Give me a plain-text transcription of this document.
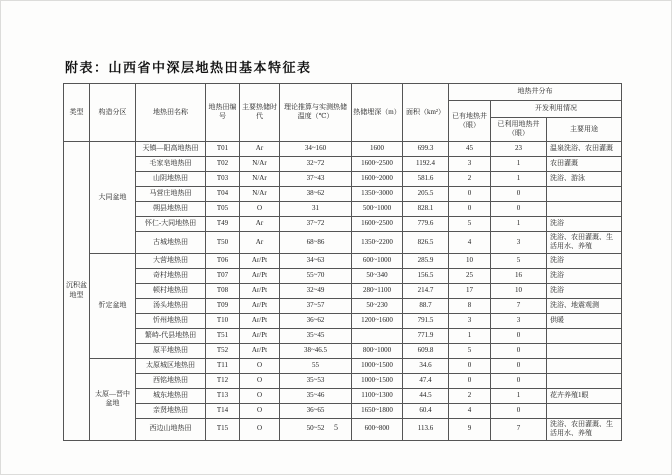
附表：山西省中深层地热田基本特征表
类型	构造分区	地热田名称	地热田编号	主要热储时代	理论推算与实测热储温度（℃）	热储埋深（m）	面积（km²）	地热井分布		
								已有地热井（眼）	开发利用情况	
									已利用地热井（眼）	主要用途
沉积盆地型	大同盆地	天镇—阳高地热田	T01	Ar	34~160	1600	699.3	45	23	温泉洗浴、农田灌溉
		毛家皂地热田	T02	N/Ar	32~72	1600~2500	1192.4	3	1	农田灌溉
		山阴地热田	T03	N/Ar	37~43	1600~2000	581.6	2	1	洗浴、游泳
		马营庄地热田	T04	N/Ar	38~62	1350~3000	205.5	0	0	
		朔县地热田	T05	O	31	500~1000	828.1	0	0	
		怀仁-大同地热田	T49	Ar	37~72	1600~2500	779.6	5	1	洗浴
		古城地热田	T50	Ar	68~86	1350~2200	826.5	4	3	洗浴、农田灌溉、生活用水、养殖
	忻定盆地	大营地热田	T06	Ar/Pt	34~63	600~1000	285.9	10	5	洗浴
		奇村地热田	T07	Ar/Pt	55~70	50~340	156.5	25	16	洗浴
		顿村地热田	T08	Ar/Pt	32~49	280~1100	214.7	17	10	洗浴
		汤头地热田	T09	Ar/Pt	37~57	50~230	88.7	8	7	洗浴、地震观测
		忻州地热田	T10	Ar/Pt	36~62	1200~1600	791.5	3	3	供暖
		繁峙-代县地热田	T51	Ar/Pt	35~45		771.9	1	0	
		原平地热田	T52	Ar/Pt	38~46.5	800~1000	609.8	5	0	
	太原—晋中盆地	太原城区地热田	T11	O	55	1000~1500	34.6	0	0	
		西铭地热田	T12	O	35~53	1000~1500	47.4	0	0	
		城东地热田	T13	O	35~46	1100~1300	44.5	2	1	花卉养殖1眼
		亲贤地热田	T14	O	36~65	1650~1800	60.4	4	0	
		西边山地热田	T15	O	50~52	600~800	113.6	9	7	洗浴、农田灌溉、生活用水、养殖
5
